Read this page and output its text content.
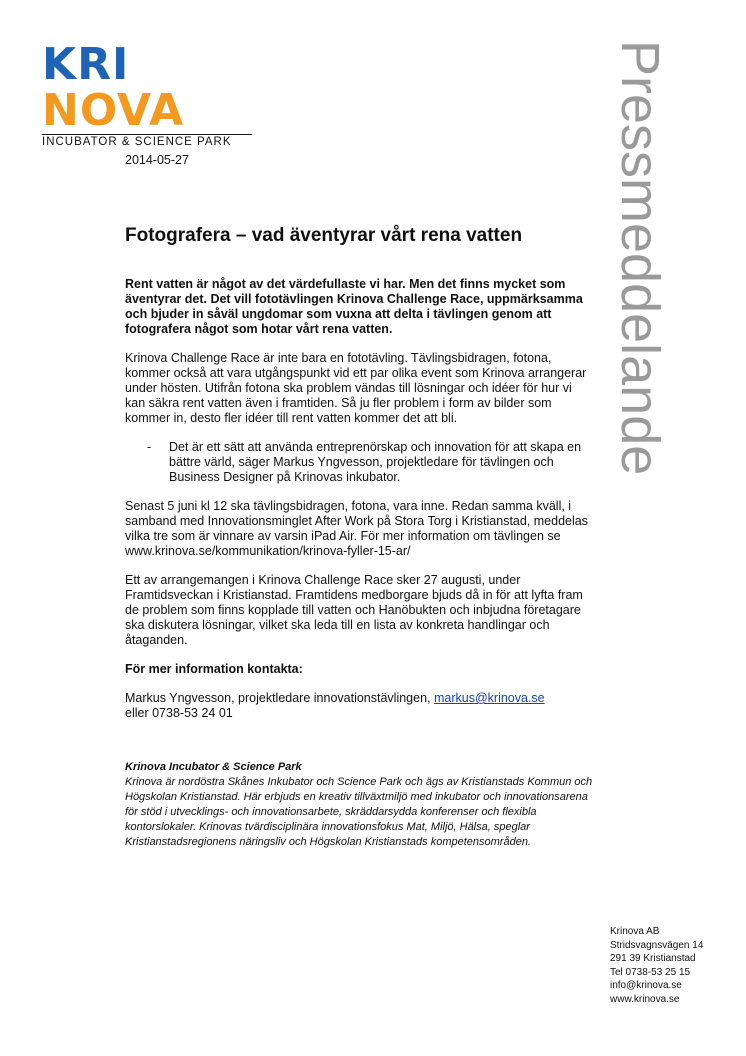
KRINOVA
INCUBATOR & SCIENCE PARK	Pressmeddelande
2014-05-27
Fotografera – vad äventyrar vårt rena vatten

Rent vatten är något av det värdefullaste vi har. Men det finns mycket som äventyrar det. Det vill fototävlingen Krinova Challenge Race, uppmärksamma och bjuder in såväl ungdomar som vuxna att delta i tävlingen genom att fotografera något som hotar vårt rena vatten.

Krinova Challenge Race är inte bara en fototävling. Tävlingsbidragen, fotona, kommer också att vara utgångspunkt vid ett par olika event som Krinova arrangerar under hösten. Utifrån fotona ska problem vändas till lösningar och idéer för hur vi kan säkra rent vatten även i framtiden. Så ju fler problem i form av bilder som kommer in, desto fler idéer till rent vatten kommer det att bli.

-	Det är ett sätt att använda entreprenörskap och innovation för att skapa en bättre värld, säger Markus Yngvesson, projektledare för tävlingen och Business Designer på Krinovas inkubator.

Senast 5 juni kl 12 ska tävlingsbidragen, fotona, vara inne. Redan samma kväll, i samband med Innovationsminglet After Work på Stora Torg i Kristianstad, meddelas vilka tre som är vinnare av varsin iPad Air. För mer information om tävlingen se www.krinova.se/kommunikation/krinova-fyller-15-ar/

Ett av arrangemangen i Krinova Challenge Race sker 27 augusti, under Framtidsveckan i Kristianstad. Framtidens medborgare bjuds då in för att lyfta fram de problem som finns kopplade till vatten och Hanöbukten och inbjudna företagare ska diskutera lösningar, vilket ska leda till en lista av konkreta handlingar och åtaganden.

För mer information kontakta:

Markus Yngvesson, projektledare innovationstävlingen, markus@krinova.se
eller 0738-53 24 01

Krinova Incubator & Science Park

Krinova är nordöstra Skånes Inkubator och Science Park och ägs av Kristianstads Kommun och Högskolan Kristianstad. Här erbjuds en kreativ tillväxtmiljö med inkubator och innovationsarena för stöd i utvecklings- och innovationsarbete, skräddarsydda konferenser och flexibla kontorslokaler. Krinovas tvärdisciplinära innovationsfokus Mat, Miljö, Hälsa, speglar Kristianstadsregionens näringsliv och Högskolan Kristianstads kompetensområden.

Krinova AB
Stridsvagnsvägen 14
291 39 Kristianstad
Tel 0738-53 25 15
info@krinova.se
www.krinova.se
